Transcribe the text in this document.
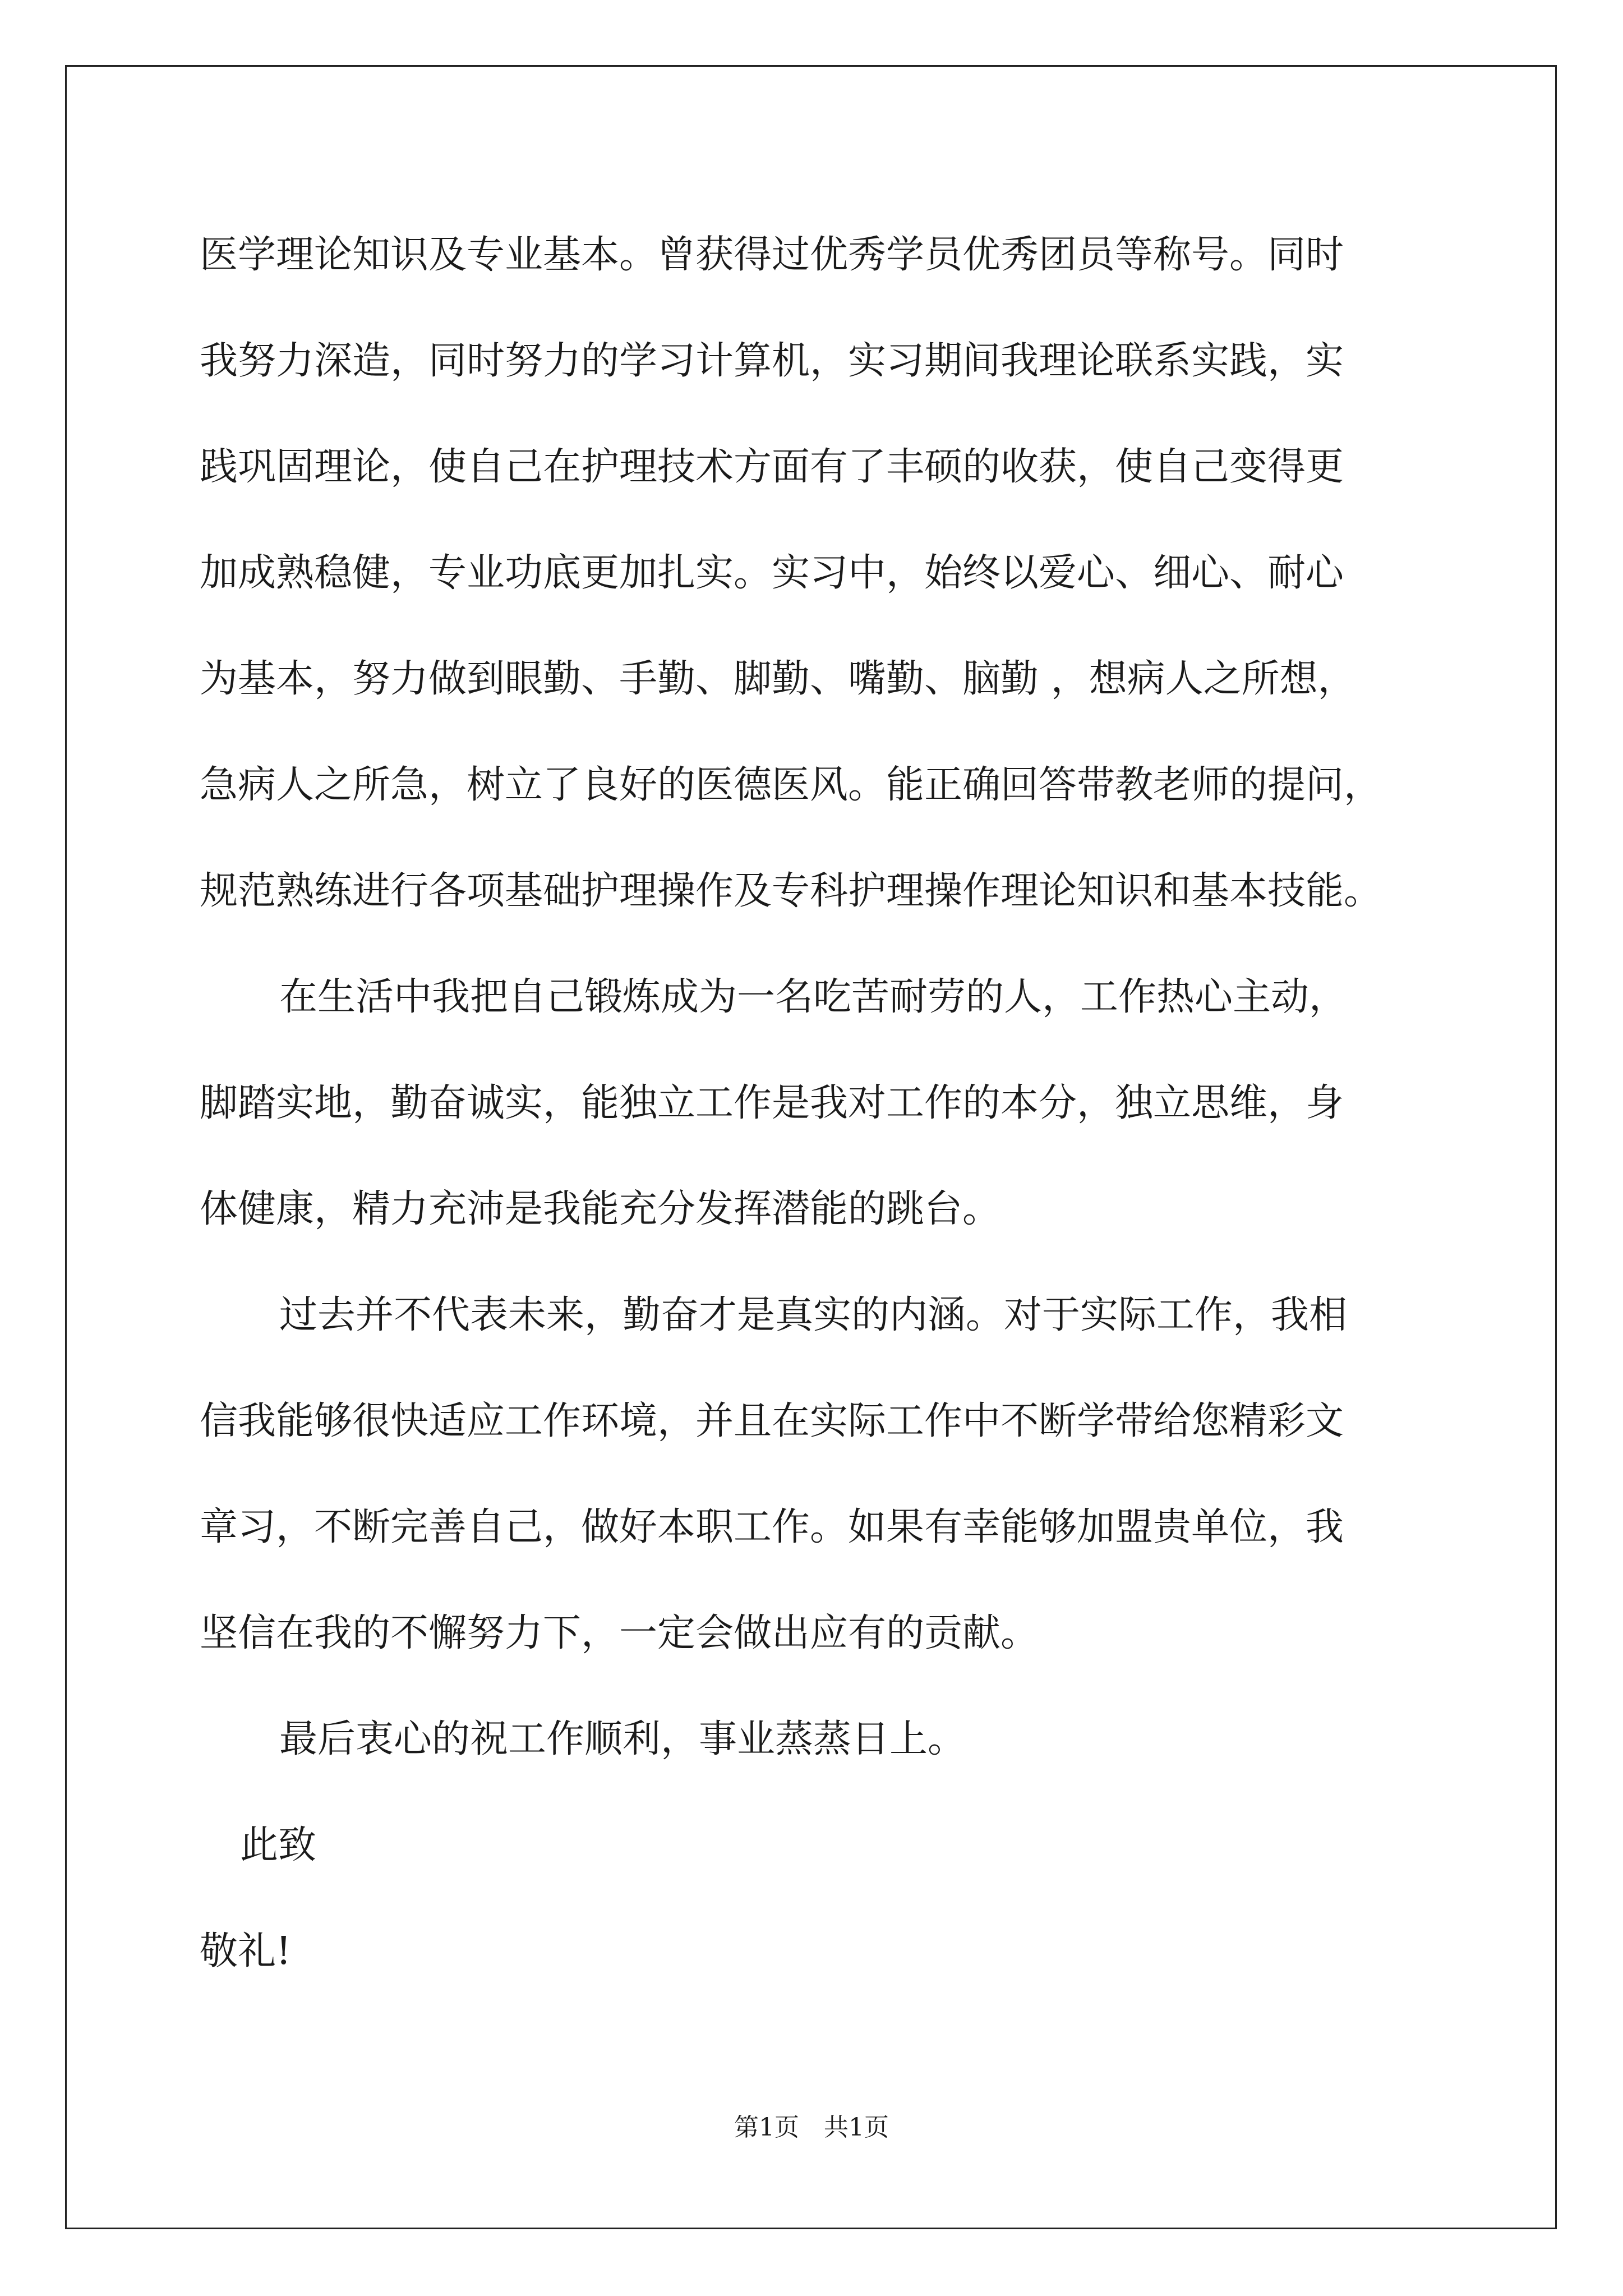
医学理论知识及专业基本。曾获得过优秀学员优秀团员等称号。同时
我努力深造，同时努力的学习计算机，实习期间我理论联系实践，实
践巩固理论，使自己在护理技术方面有了丰硕的收获，使自己变得更
加成熟稳健，专业功底更加扎实。实习中，始终以爱心、细心、耐心
为基本，努力做到眼勤、手勤、脚勤、嘴勤、脑勤 ，想病人之所想，
急病人之所急，树立了良好的医德医风。能正确回答带教老师的提问，
规范熟练进行各项基础护理操作及专科护理操作理论知识和基本技能。
在生活中我把自己锻炼成为一名吃苦耐劳的人，工作热心主动，
脚踏实地，勤奋诚实，能独立工作是我对工作的本分，独立思维，身
体健康，精力充沛是我能充分发挥潜能的跳台。
过去并不代表未来，勤奋才是真实的内涵。对于实际工作，我相
信我能够很快适应工作环境，并且在实际工作中不断学带给您精彩文
章习，不断完善自己，做好本职工作。如果有幸能够加盟贵单位，我
坚信在我的不懈努力下，一定会做出应有的贡献。
最后衷心的祝工作顺利，事业蒸蒸日上。
此致
敬礼!
第1页　共1页
